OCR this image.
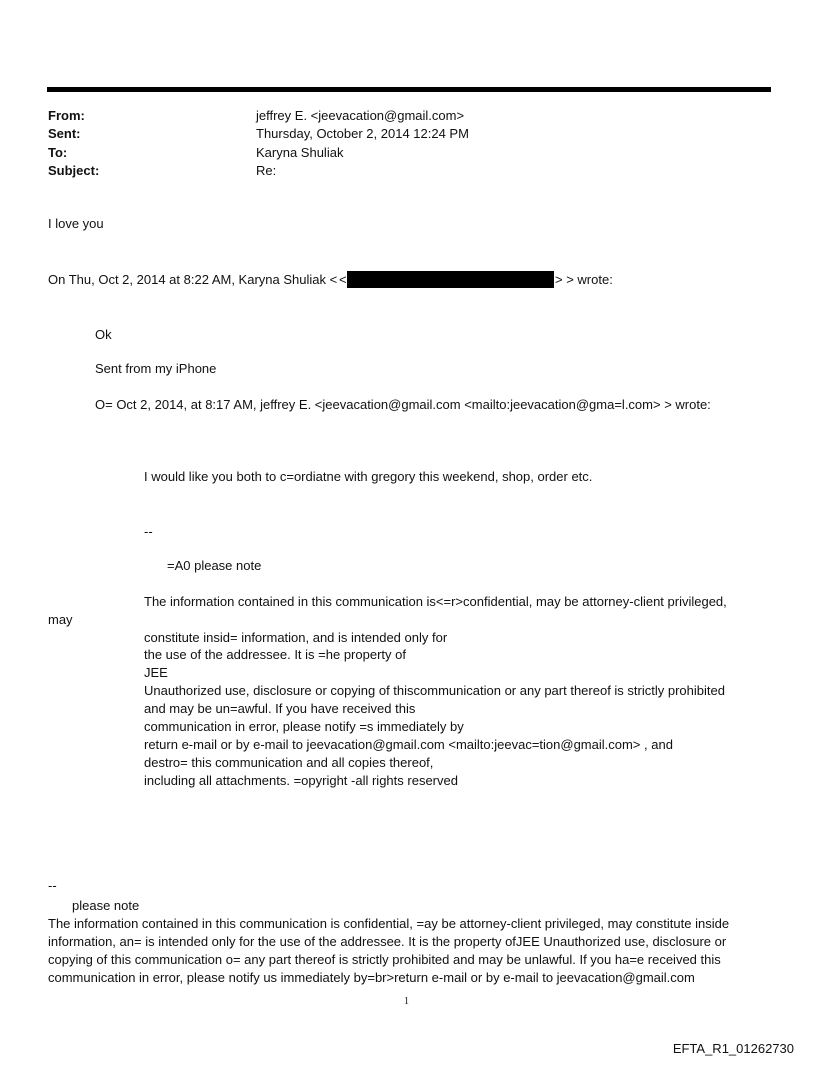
From:	jeffrey E. <jeevacation@gmail.com>
Sent:	Thursday, October 2, 2014 12:24 PM
To:	Karyna Shuliak
Subject:	Re:
I love you
On Thu, Oct 2, 2014 at 8:22 AM, Karyna Shuliak < <	> > wrote:
Ok
Sent from my iPhone
O= Oct 2, 2014, at 8:17 AM, jeffrey E. <jeevacation@gmail.com <mailto:jeevacation@gma=l.com> > wrote:
I would like you both to c=ordiatne with gregory this weekend, shop, order etc.
--
=A0 please note
The information contained in this communication is<=r>confidential, may be attorney-client privileged,
may
constitute insid= information, and is intended only for
the use of the addressee. It is =he property of
JEE
Unauthorized use, disclosure or copying of thiscommunication or any part thereof is strictly prohibited
and may be un=awful. If you have received this
communication in error, please notify =s immediately by
return e-mail or by e-mail to jeevacation@gmail.com <mailto:jeevac=tion@gmail.com> , and
destro= this communication and all copies thereof,
including all attachments. =opyright -all rights reserved
--
please note
The information contained in this communication is confidential, =ay be attorney-client privileged, may constitute inside
information, an= is intended only for the use of the addressee. It is the property ofJEE Unauthorized use, disclosure or
copying of this communication o= any part thereof is strictly prohibited and may be unlawful. If you ha=e received this
communication in error, please notify us immediately by=br>return e-mail or by e-mail to jeevacation@gmail.com
1
EFTA_R1_01262730
